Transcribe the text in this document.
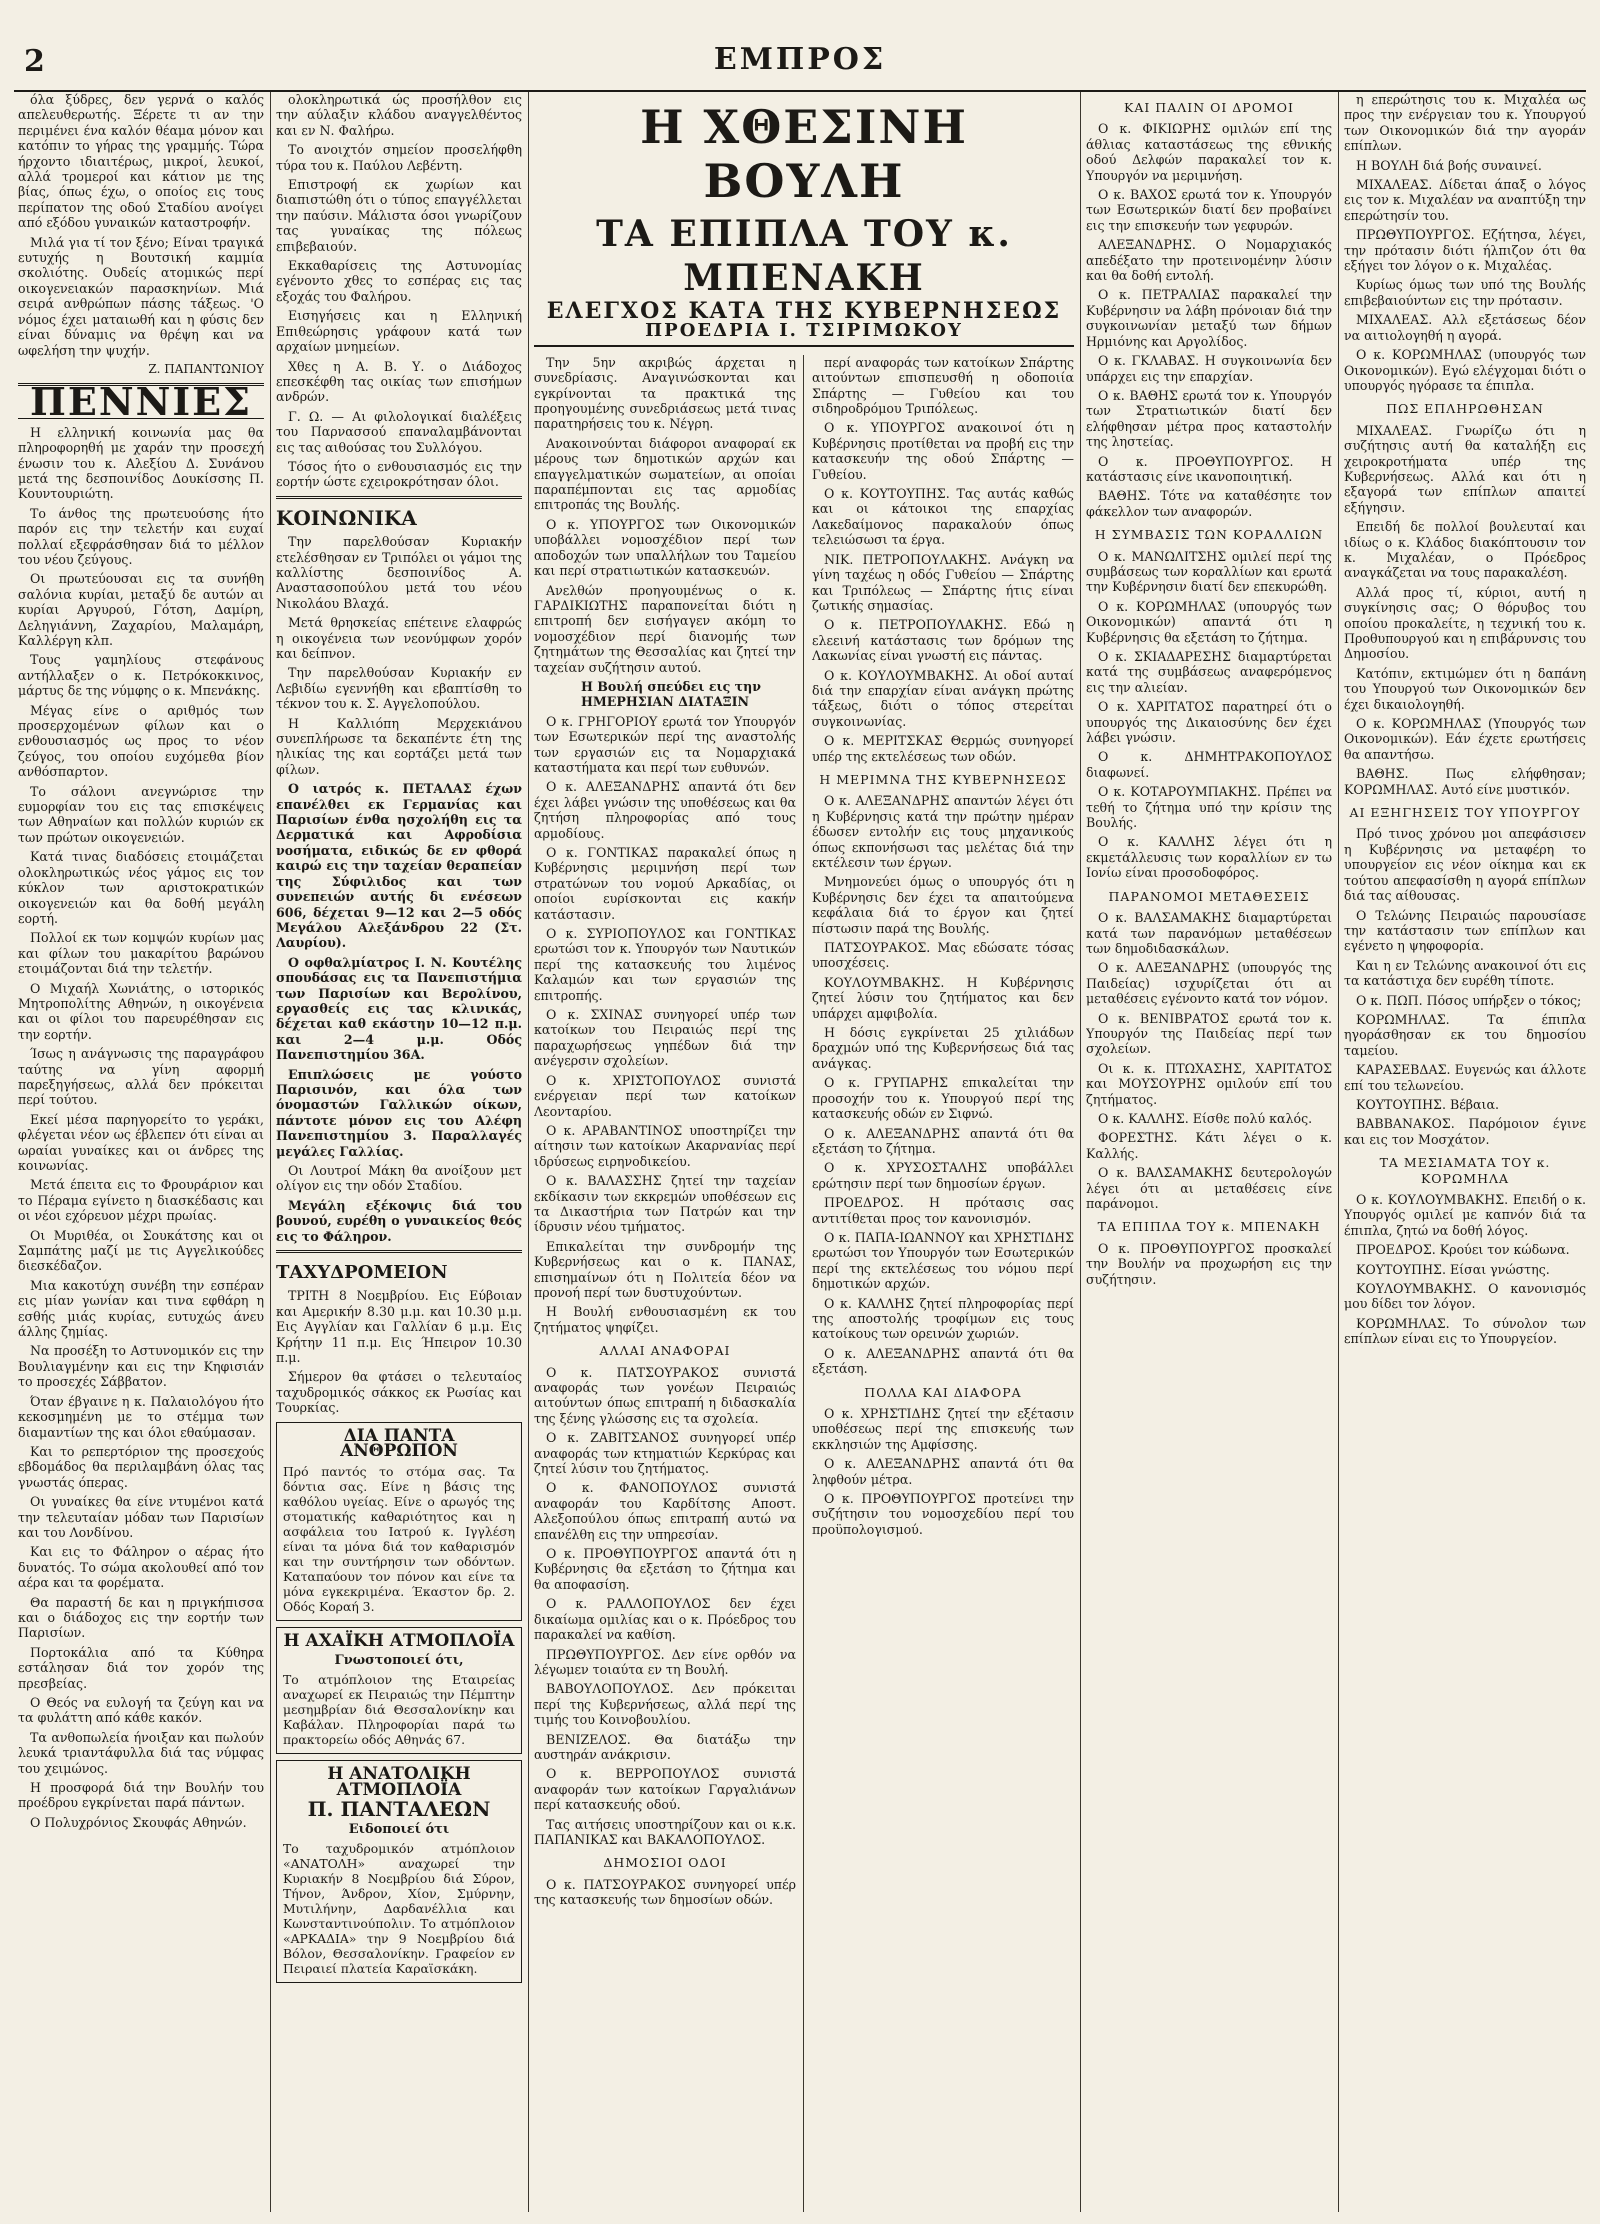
2	ΕΜΠΡΟΣ

όλα ξύδρες, δεν γερνά ο καλός απελευθερωτής. Ξέρετε τι αν την περιμένει ένα καλόν θέαμα μόνον και κατόπιν το γήρας της γραμμής. Τώρα ήρχοντο ιδιαιτέρως, μικροί, λευκοί, αλλά τρομεροί και κάτιον με της βίας, όπως έχω, ο οποίος εις τους περίπατον της οδού Σταδίου ανοίγει από εξόδου γυναικών καταστροφήν.

Μιλά για τί τον ξένο; Είναι τραγικά ευτυχής η Βουτσική καμμία σκολιότης. Ουδείς ατομικώς περί οικογενειακών παρασκηνίων. Μιά σειρά ανθρώπων πάσης τάξεως. 'Ο νόμος έχει ματαιωθή και η φύσις δεν είναι δύναμις να θρέψη και να ωφελήση την ψυχήν.

Ζ. ΠΑΠΑΝΤΩΝΙΟΥ
ΠΕΝΝΙΕΣ

Η ελληνική κοινωνία μας θα πληροφορηθή με χαράν την προσεχή ένωσιν του κ. Αλεξίου Δ. Συνάνου μετά της δεσποινίδος Δουκίσσης Π. Κουντουριώτη.

Το άνθος της πρωτευούσης ήτο παρόν εις την τελετήν και ευχαί πολλαί εξεφράσθησαν διά το μέλλον του νέου ζεύγους.

Οι πρωτεύουσαι εις τα συνήθη σαλόνια κυρίαι, μεταξύ δε αυτών αι κυρίαι Αργυρού, Γότση, Δαμίρη, Δεληγιάννη, Ζαχαρίου, Μαλαμάρη, Καλλέργη κλπ.

Τους γαμηλίους στεφάνους αντήλλαξεν ο κ. Πετρόκοκκινος, μάρτυς δε της νύμφης ο κ. Μπενάκης.

Μέγας είνε ο αριθμός των προσερχομένων φίλων και ο ενθουσιασμός ως προς το νέον ζεύγος, του οποίου ευχόμεθα βίον ανθόσπαρτον.

Το σάλονι ανεγνώρισε την ευμορφίαν του εις τας επισκέψεις των Αθηναίων και πολλών κυριών εκ των πρώτων οικογενειών.

Κατά τινας διαδόσεις ετοιμάζεται ολοκληρωτικώς νέος γάμος εις τον κύκλον των αριστοκρατικών οικογενειών και θα δοθή μεγάλη εορτή.

Πολλοί εκ των κομψών κυρίων μας και φίλων του μακαρίτου βαρώνου ετοιμάζονται διά την τελετήν.

Ο Μιχαήλ Χωνιάτης, ο ιστορικός Μητροπολίτης Αθηνών, η οικογένεια και οι φίλοι του παρευρέθησαν εις την εορτήν.

Ίσως η ανάγνωσις της παραγράφου ταύτης να γίνη αφορμή παρεξηγήσεως, αλλά δεν πρόκειται περί τούτου.

Εκεί μέσα παρηγορείτο το γεράκι, φλέγεται νέον ως έβλεπεν ότι είναι αι ωραίαι γυναίκες και οι άνδρες της κοινωνίας.

Μετά έπειτα εις το Φρουράριον και το Πέραμα εγίνετο η διασκέδασις και οι νέοι εχόρευον μέχρι πρωίας.

Οι Μυριθέα, οι Σουκάτσης και οι Σαμπάτης μαζί με τις Αγγελικούδες διεσκέδαζον.

Μια κακοτύχη συνέβη την εσπέραν εις μίαν γωνίαν και τινα εφθάρη η εσθής μιάς κυρίας, ευτυχώς άνευ άλλης ζημίας.

Να προσέξη το Αστυνομικόν εις την Βουλιαγμένην και εις την Κηφισιάν το προσεχές Σάββατον.

Όταν έβγαινε η κ. Παλαιολόγου ήτο κεκοσμημένη με το στέμμα των διαμαντίων της και όλοι εθαύμασαν.

Και το ρεπερτόριον της προσεχούς εβδομάδος θα περιλαμβάνη όλας τας γνωστάς όπερας.

Οι γυναίκες θα είνε ντυμένοι κατά την τελευταίαν μόδαν των Παρισίων και του Λονδίνου.

Και εις το Φάληρον ο αέρας ήτο δυνατός. Το σώμα ακολουθεί από τον αέρα και τα φορέματα.

Θα παραστή δε και η πριγκήπισσα και ο διάδοχος εις την εορτήν των Παρισίων.

Πορτοκάλια από τα Κύθηρα εστάλησαν διά τον χορόν της πρεσβείας.

Ο Θεός να ευλογή τα ζεύγη και να τα φυλάττη από κάθε κακόν.

Τα ανθοπωλεία ήνοιξαν και πωλούν λευκά τριαντάφυλλα διά τας νύμφας του χειμώνος.

Η προσφορά διά την Βουλήν του προέδρου εγκρίνεται παρά πάντων.

Ο Πολυχρόνιος Σκουφάς Αθηνών.

ολοκληρωτικά ώς προσήλθον εις την αύλαξιν κλάδου αναγγελθέντος και εν Ν. Φαλήρω.

Το ανοιχτόν σημείον προσελήφθη τύρα του κ. Παύλου Λεβέντη.

Επιστροφή εκ χωρίων και διαπιστώθη ότι ο τύπος επαγγέλλεται την παύσιν. Μάλιστα όσοι γνωρίζουν τας γυναίκας της πόλεως επιβεβαιούν.

Εκκαθαρίσεις της Αστυνομίας εγένοντο χθες το εσπέρας εις τας εξοχάς του Φαλήρου.

Εισηγήσεις και η Ελληνική Επιθεώρησις γράφουν κατά των αρχαίων μνημείων.

Χθες η Α. Β. Υ. ο Διάδοχος επεσκέφθη τας οικίας των επισήμων ανδρών.

Γ. Ω. — Αι φιλολογικαί διαλέξεις του Παρνασσού επαναλαμβάνονται εις τας αιθούσας του Συλλόγου.

Τόσος ήτο ο ενθουσιασμός εις την εορτήν ώστε εχειροκρότησαν όλοι.

ΚΟΙΝΩΝΙΚΑ

Την παρελθούσαν Κυριακήν ετελέσθησαν εν Τριπόλει οι γάμοι της καλλίστης δεσποινίδος Α. Αναστασοπούλου μετά του νέου Νικολάου Βλαχά.

Μετά θρησκείας επέτεινε ελαφρώς η οικογένεια των νεονύμφων χορόν και δείπνον.

Την παρελθούσαν Κυριακήν εν Λεβιδίω εγεννήθη και εβαπτίσθη το τέκνον του κ. Σ. Αγγελοπούλου.

Η Καλλιόπη Μερχεκιάνου συνεπλήρωσε τα δεκαπέντε έτη της ηλικίας της και εορτάζει μετά των φίλων.

Ο ιατρός κ. ΠΕΤΑΛΑΣ έχων επανέλθει εκ Γερμανίας και Παρισίων ένθα ησχολήθη εις τα Δερματικά και Αφροδίσια νοσήματα, ειδικώς δε εν φθορά καιρώ εις την ταχείαν θεραπείαν της Σύφιλιδος και των συνεπειών αυτής δι ενέσεων 606, δέχεται 9—12 και 2—5 οδός Μεγάλου Αλεξάνδρου 22 (Στ. Λαυρίου).

Ο οφθαλμίατρος Ι. Ν. Κουτέλης σπουδάσας εις τα Πανεπιστήμια των Παρισίων και Βερολίνου, εργασθείς εις τας κλινικάς, δέχεται καθ εκάστην 10—12 π.μ. και 2—4 μ.μ. Οδός Πανεπιστημίου 36Α.

Επιπλώσεις με γούστο Παρισινόν, και όλα των όνομαστών Γαλλικών οίκων, πάντοτε μόνον εις του Αλέφη Πανεπιστημίου 3. Παραλλαγές μεγάλες Γαλλίας.

Οι Λουτροί Μάκη θα ανοίξουν μετ ολίγον εις την οδόν Σταδίου.

Μεγάλη εξέκοψις διά του βουνού, ευρέθη ο γυναικείος θεός εις το Φάληρον.

ΤΑΧΥΔΡΟΜΕΙΟΝ

ΤΡΙΤΗ 8 Νοεμβρίου. Εις Εύβοιαν και Αμερικήν 8.30 μ.μ. και 10.30 μ.μ. Εις Αγγλίαν και Γαλλίαν 6 μ.μ. Εις Κρήτην 11 π.μ. Εις Ήπειρον 10.30 π.μ.

Σήμερον θα φτάσει ο τελευταίος ταχυδρομικός σάκκος εκ Ρωσίας και Τουρκίας.

ΔΙΑ ΠΑΝΤΑ ΑΝΘΡΩΠΟΝ
Πρό παντός το στόμα σας. Τα δόντια σας. Είνε η βάσις της καθόλου υγείας. Είνε ο αρωγός της στοματικής καθαριότητος και η ασφάλεια του Ιατρού κ. Ιγγλέση είναι τα μόνα διά τον καθαρισμόν και την συντήρησιν των οδόντων. Καταπαύουν τον πόνον και είνε τα μόνα εγκεκριμένα. Έκαστον δρ. 2. Οδός Κοραή 3.
Η ΑΧΑΪΚΗ ΑΤΜΟΠΛΟΪΑ
Γνωστοποιεί ότι,
Το ατμόπλοιον της Εταιρείας αναχωρεί εκ Πειραιώς την Πέμπτην μεσημβρίαν διά Θεσσαλονίκην και Καβάλαν. Πληροφορίαι παρά τω πρακτορείω οδός Αθηνάς 67.
Η ΑΝΑΤΟΛΙΚΗ ΑΤΜΟΠΛΟΪΑ
Π. ΠΑΝΤΑΛΕΩΝ
Ειδοποιεί ότι
Το ταχυδρομικόν ατμόπλοιον «ΑΝΑΤΟΛΗ» αναχωρεί την Κυριακήν 8 Νοεμβρίου διά Σύρον, Τήνον, Άνδρον, Χίον, Σμύρνην, Μυτιλήνην, Δαρδανέλλια και Κωνσταντινούπολιν. Το ατμόπλοιον «ΑΡΚΑΔΙΑ» την 9 Νοεμβρίου διά Βόλον, Θεσσαλονίκην. Γραφείον εν Πειραιεί πλατεία Καραϊσκάκη.
Η ΧΘΕΣΙΝΗ ΒΟΥΛΗ
ΤΑ ΕΠΙΠΛΑ ΤΟΥ κ. ΜΠΕΝΑΚΗ
ΕΛΕΓΧΟΣ ΚΑΤΑ ΤΗΣ ΚΥΒΕΡΝΗΣΕΩΣ
ΠΡΟΕΔΡΙΑ Ι. ΤΣΙΡΙΜΩΚΟΥ

Την 5ην ακριβώς άρχεται η συνεδρίασις. Αναγινώσκονται και εγκρίνονται τα πρακτικά της προηγουμένης συνεδριάσεως μετά τινας παρατηρήσεις του κ. Νέγρη.

Ανακοινούνται διάφοροι αναφοραί εκ μέρους των δημοτικών αρχών και επαγγελματικών σωματείων, αι οποίαι παραπέμπονται εις τας αρμοδίας επιτροπάς της Βουλής.

Ο κ. ΥΠΟΥΡΓΟΣ των Οικονομικών υποβάλλει νομοσχέδιον περί των αποδοχών των υπαλλήλων του Ταμείου και περί στρατιωτικών κατασκευών.

Ανελθών προηγουμένως ο κ. ΓΑΡΔΙΚΙΩΤΗΣ παραπονείται διότι η επιτροπή δεν εισήγαγεν ακόμη το νομοσχέδιον περί διανομής των ζητημάτων της Θεσσαλίας και ζητεί την ταχείαν συζήτησιν αυτού.

Η Βουλή σπεύδει εις την ΗΜΕΡΗΣΙΑΝ ΔΙΑΤΑΞΙΝ

Ο κ. ΓΡΗΓΟΡΙΟΥ ερωτά τον Υπουργόν των Εσωτερικών περί της αναστολής των εργασιών εις τα Νομαρχιακά καταστήματα και περί των ευθυνών.

Ο κ. ΑΛΕΞΑΝΔΡΗΣ απαντά ότι δεν έχει λάβει γνώσιν της υποθέσεως και θα ζητήση πληροφορίας από τους αρμοδίους.

Ο κ. ΓΟΝΤΙΚΑΣ παρακαλεί όπως η Κυβέρνησις μεριμνήση περί των στρατώνων του νομού Αρκαδίας, οι οποίοι ευρίσκονται εις κακήν κατάστασιν.

Ο κ. ΣΥΡΙΟΠΟΥΛΟΣ και ΓΟΝΤΙΚΑΣ ερωτώσι τον κ. Υπουργόν των Ναυτικών περί της κατασκευής του λιμένος Καλαμών και των εργασιών της επιτροπής.

Ο κ. ΣΧΙΝΑΣ συνηγορεί υπέρ των κατοίκων του Πειραιώς περί της παραχωρήσεως γηπέδων διά την ανέγερσιν σχολείων.

Ο κ. ΧΡΙΣΤΟΠΟΥΛΟΣ συνιστά ενέργειαν περί των κατοίκων Λεονταρίου.

Ο κ. ΑΡΑΒΑΝΤΙΝΟΣ υποστηρίζει την αίτησιν των κατοίκων Ακαρνανίας περί ιδρύσεως ειρηνοδικείου.

Ο κ. ΒΑΛΑΣΣΗΣ ζητεί την ταχείαν εκδίκασιν των εκκρεμών υποθέσεων εις τα Δικαστήρια των Πατρών και την ίδρυσιν νέου τμήματος.

Επικαλείται την συνδρομήν της Κυβερνήσεως και ο κ. ΠΑΝΑΣ, επισημαίνων ότι η Πολιτεία δέον να προνοή περί των δυστυχούντων.

Η Βουλή ενθουσιασμένη εκ του ζητήματος ψηφίζει.

ΑΛΛΑΙ ΑΝΑΦΟΡΑΙ

Ο κ. ΠΑΤΣΟΥΡΑΚΟΣ συνιστά αναφοράς των γονέων Πειραιώς αιτούντων όπως επιτραπή η διδασκαλία της ξένης γλώσσης εις τα σχολεία.

Ο κ. ΖΑΒΙΤΣΑΝΟΣ συνηγορεί υπέρ αναφοράς των κτηματιών Κερκύρας και ζητεί λύσιν του ζητήματος.

Ο κ. ΦΑΝΟΠΟΥΛΟΣ συνιστά αναφοράν του Καρδίτσης Αποστ. Αλεξοπούλου όπως επιτραπή αυτώ να επανέλθη εις την υπηρεσίαν.

Ο κ. ΠΡΟΘΥΠΟΥΡΓΟΣ απαντά ότι η Κυβέρνησις θα εξετάση το ζήτημα και θα αποφασίση.

Ο κ. ΡΑΛΛΟΠΟΥΛΟΣ δεν έχει δικαίωμα ομιλίας και ο κ. Πρόεδρος του παρακαλεί να καθίση.

ΠΡΩΘΥΠΟΥΡΓΟΣ. Δεν είνε ορθόν να λέγωμεν τοιαύτα εν τη Βουλή.

ΒΑΒΟΥΛΟΠΟΥΛΟΣ. Δεν πρόκειται περί της Κυβερνήσεως, αλλά περί της τιμής του Κοινοβουλίου.

ΒΕΝΙΖΕΛΟΣ. Θα διατάξω την αυστηράν ανάκρισιν.

Ο κ. ΒΕΡΡΟΠΟΥΛΟΣ συνιστά αναφοράν των κατοίκων Γαργαλιάνων περί κατασκευής οδού.

Τας αιτήσεις υποστηρίζουν και οι κ.κ. ΠΑΠΑΝΙΚΑΣ και ΒΑΚΑΛΟΠΟΥΛΟΣ.

ΔΗΜΟΣΙΟΙ ΟΔΟΙ

Ο κ. ΠΑΤΣΟΥΡΑΚΟΣ συνηγορεί υπέρ της κατασκευής των δημοσίων οδών.

περί αναφοράς των κατοίκων Σπάρτης αιτούντων επισπευσθή η οδοποιία Σπάρτης — Γυθείου και του σιδηροδρόμου Τριπόλεως.

Ο κ. ΥΠΟΥΡΓΟΣ ανακοινοί ότι η Κυβέρνησις προτίθεται να προβή εις την κατασκευήν της οδού Σπάρτης — Γυθείου.

Ο κ. ΚΟΥΤΟΥΠΗΣ. Τας αυτάς καθώς και οι κάτοικοι της επαρχίας Λακεδαίμονος παρακαλούν όπως τελειώσωσι τα έργα.

ΝΙΚ. ΠΕΤΡΟΠΟΥΛΑΚΗΣ. Ανάγκη να γίνη ταχέως η οδός Γυθείου — Σπάρτης και Τριπόλεως — Σπάρτης ήτις είναι ζωτικής σημασίας.

Ο κ. ΠΕΤΡΟΠΟΥΛΑΚΗΣ. Εδώ η ελεεινή κατάστασις των δρόμων της Λακωνίας είναι γνωστή εις πάντας.

Ο κ. ΚΟΥΛΟΥΜΒΑΚΗΣ. Αι οδοί αυταί διά την επαρχίαν είναι ανάγκη πρώτης τάξεως, διότι ο τόπος στερείται συγκοινωνίας.

Ο κ. ΜΕΡΙΤΣΚΑΣ Θερμώς συνηγορεί υπέρ της εκτελέσεως των οδών.

Η ΜΕΡΙΜΝΑ ΤΗΣ ΚΥΒΕΡΝΗΣΕΩΣ

Ο κ. ΑΛΕΞΑΝΔΡΗΣ απαντών λέγει ότι η Κυβέρνησις κατά την πρώτην ημέραν έδωσεν εντολήν εις τους μηχανικούς όπως εκπονήσωσι τας μελέτας διά την εκτέλεσιν των έργων.

Μνημονεύει όμως ο υπουργός ότι η Κυβέρνησις δεν έχει τα απαιτούμενα κεφάλαια διά το έργον και ζητεί πίστωσιν παρά της Βουλής.

ΠΑΤΣΟΥΡΑΚΟΣ. Μας εδώσατε τόσας υποσχέσεις.

ΚΟΥΛΟΥΜΒΑΚΗΣ. Η Κυβέρνησις ζητεί λύσιν του ζητήματος και δεν υπάρχει αμφιβολία.

Η δόσις εγκρίνεται 25 χιλιάδων δραχμών υπό της Κυβερνήσεως διά τας ανάγκας.

Ο κ. ΓΡΥΠΑΡΗΣ επικαλείται την προσοχήν του κ. Υπουργού περί της κατασκευής οδών εν Σιφνώ.

Ο κ. ΑΛΕΞΑΝΔΡΗΣ απαντά ότι θα εξετάση το ζήτημα.

Ο κ. ΧΡΥΣΟΣΤΑΛΗΣ υποβάλλει ερώτησιν περί των δημοσίων έργων.

ΠΡΟΕΔΡΟΣ. Η πρότασις σας αντιτίθεται προς τον κανονισμόν.

Ο κ. ΠΑΠΑ-ΙΩΑΝΝΟΥ και ΧΡΗΣΤΙΔΗΣ ερωτώσι τον Υπουργόν των Εσωτερικών περί της εκτελέσεως του νόμου περί δημοτικών αρχών.

Ο κ. ΚΑΛΛΗΣ ζητεί πληροφορίας περί της αποστολής τροφίμων εις τους κατοίκους των ορεινών χωριών.

Ο κ. ΑΛΕΞΑΝΔΡΗΣ απαντά ότι θα εξετάση.

ΠΟΛΛΑ ΚΑΙ ΔΙΑΦΟΡΑ

Ο κ. ΧΡΗΣΤΙΔΗΣ ζητεί την εξέτασιν υποθέσεως περί της επισκευής των εκκλησιών της Αμφίσσης.

Ο κ. ΑΛΕΞΑΝΔΡΗΣ απαντά ότι θα ληφθούν μέτρα.

Ο κ. ΠΡΟΘΥΠΟΥΡΓΟΣ προτείνει την συζήτησιν του νομοσχεδίου περί του προϋπολογισμού.

ΚΑΙ ΠΑΛΙΝ ΟΙ ΔΡΟΜΟΙ

Ο κ. ΦΙΚΙΩΡΗΣ ομιλών επί της άθλιας καταστάσεως της εθνικής οδού Δελφών παρακαλεί τον κ. Υπουργόν να μεριμνήση.

Ο κ. ΒΑΧΟΣ ερωτά τον κ. Υπουργόν των Εσωτερικών διατί δεν προβαίνει εις την επισκευήν των γεφυρών.

ΑΛΕΞΑΝΔΡΗΣ. Ο Νομαρχιακός απεδέξατο την προτεινομένην λύσιν και θα δοθή εντολή.

Ο κ. ΠΕΤΡΑΛΙΑΣ παρακαλεί την Κυβέρνησιν να λάβη πρόνοιαν διά την συγκοινωνίαν μεταξύ των δήμων Ηρμιόνης και Αργολίδος.

Ο κ. ΓΚΛΑΒΑΣ. Η συγκοινωνία δεν υπάρχει εις την επαρχίαν.

Ο κ. ΒΑΘΗΣ ερωτά τον κ. Υπουργόν των Στρατιωτικών διατί δεν ελήφθησαν μέτρα προς καταστολήν της ληστείας.

Ο κ. ΠΡΟΘΥΠΟΥΡΓΟΣ. Η κατάστασις είνε ικανοποιητική.

ΒΑΘΗΣ. Τότε να καταθέσητε τον φάκελλον των αναφορών.

Η ΣΥΜΒΑΣΙΣ ΤΩΝ ΚΟΡΑΛΛΙΩΝ

Ο κ. ΜΑΝΩΛΙΤΣΗΣ ομιλεί περί της συμβάσεως των κοραλλίων και ερωτά την Κυβέρνησιν διατί δεν επεκυρώθη.

Ο κ. ΚΟΡΩΜΗΛΑΣ (υπουργός των Οικονομικών) απαντά ότι η Κυβέρνησις θα εξετάση το ζήτημα.

Ο κ. ΣΚΙΑΔΑΡΕΣΗΣ διαμαρτύρεται κατά της συμβάσεως αναφερόμενος εις την αλιείαν.

Ο κ. ΧΑΡΙΤΑΤΟΣ παρατηρεί ότι ο υπουργός της Δικαιοσύνης δεν έχει λάβει γνώσιν.

Ο κ. ΔΗΜΗΤΡΑΚΟΠΟΥΛΟΣ διαφωνεί.

Ο κ. ΚΟΤΑΡΟΥΜΠΑΚΗΣ. Πρέπει να τεθή το ζήτημα υπό την κρίσιν της Βουλής.

Ο κ. ΚΑΛΛΗΣ λέγει ότι η εκμετάλλευσις των κοραλλίων εν τω Ιονίω είναι προσοδοφόρος.

ΠΑΡΑΝΟΜΟΙ ΜΕΤΑΘΕΣΕΙΣ

Ο κ. ΒΑΛΣΑΜΑΚΗΣ διαμαρτύρεται κατά των παρανόμων μεταθέσεων των δημοδιδασκάλων.

Ο κ. ΑΛΕΞΑΝΔΡΗΣ (υπουργός της Παιδείας) ισχυρίζεται ότι αι μεταθέσεις εγένοντο κατά τον νόμον.

Ο κ. ΒΕΝΙΒΡΑΤΟΣ ερωτά τον κ. Υπουργόν της Παιδείας περί των σχολείων.

Οι κ. κ. ΠΤΩΧΑΣΗΣ, ΧΑΡΙΤΑΤΟΣ και ΜΟΥΣΟΥΡΗΣ ομιλούν επί του ζητήματος.

Ο κ. ΚΑΛΛΗΣ. Είσθε πολύ καλός.

ΦΟΡΕΣΤΗΣ. Κάτι λέγει ο κ. Καλλής.

Ο κ. ΒΑΛΣΑΜΑΚΗΣ δευτερολογών λέγει ότι αι μεταθέσεις είνε παράνομοι.

ΤΑ ΕΠΙΠΛΑ ΤΟΥ κ. ΜΠΕΝΑΚΗ

Ο κ. ΠΡΟΘΥΠΟΥΡΓΟΣ προσκαλεί την Βουλήν να προχωρήση εις την συζήτησιν.

η επερώτησις του κ. Μιχαλέα ως προς την ενέργειαν του κ. Υπουργού των Οικονομικών διά την αγοράν επίπλων.

Η ΒΟΥΛΗ διά βοής συναινεί.

ΜΙΧΑΛΕΑΣ. Δίδεται άπαξ ο λόγος εις τον κ. Μιχαλέαν να αναπτύξη την επερώτησίν του.

ΠΡΩΘΥΠΟΥΡΓΟΣ. Εζήτησα, λέγει, την πρότασιν διότι ήλπιζον ότι θα εξήγει τον λόγον ο κ. Μιχαλέας.

Κυρίως όμως των υπό της Βουλής επιβεβαιούντων εις την πρότασιν.

ΜΙΧΑΛΕΑΣ. Αλλ εξετάσεως δέον να αιτιολογηθή η αγορά.

Ο κ. ΚΟΡΩΜΗΛΑΣ (υπουργός των Οικονομικών). Εγώ ελέγχομαι διότι ο υπουργός ηγόρασε τα έπιπλα.

ΠΩΣ ΕΠΛΗΡΩΘΗΣΑΝ

ΜΙΧΑΛΕΑΣ. Γνωρίζω ότι η συζήτησις αυτή θα καταλήξη εις χειροκροτήματα υπέρ της Κυβερνήσεως. Αλλά και ότι η εξαγορά των επίπλων απαιτεί εξήγησιν.

Επειδή δε πολλοί βουλευταί και ιδίως ο κ. Κλάδος διακόπτουσιν τον κ. Μιχαλέαν, ο Πρόεδρος αναγκάζεται να τους παρακαλέση.

Αλλά προς τί, κύριοι, αυτή η συγκίνησις σας; Ο θόρυβος του οποίου προκαλείτε, η τεχνική του κ. Προθυπουργού και η επιβάρυνσις του Δημοσίου.

Κατόπιν, εκτιμώμεν ότι η δαπάνη του Υπουργού των Οικονομικών δεν έχει δικαιολογηθή.

Ο κ. ΚΟΡΩΜΗΛΑΣ (Υπουργός των Οικονομικών). Εάν έχετε ερωτήσεις θα απαντήσω.

ΒΑΘΗΣ. Πως ελήφθησαν; ΚΟΡΩΜΗΛΑΣ. Αυτό είνε μυστικόν.

ΑΙ ΕΞΗΓΗΣΕΙΣ ΤΟΥ ΥΠΟΥΡΓΟΥ

Πρό τινος χρόνου μοι απεφάσισεν η Κυβέρνησις να μεταφέρη το υπουργείον εις νέον οίκημα και εκ τούτου απεφασίσθη η αγορά επίπλων διά τας αίθουσας.

Ο Τελώνης Πειραιώς παρουσίασε την κατάστασιν των επίπλων και εγένετο η ψηφοφορία.

Και η εν Τελώνης ανακοινοί ότι εις τα κατάστιχα δεν ευρέθη τίποτε.

Ο κ. ΠΩΠ. Πόσος υπήρξεν ο τόκος;

ΚΟΡΩΜΗΛΑΣ. Τα έπιπλα ηγοράσθησαν εκ του δημοσίου ταμείου.

ΚΑΡΑΣΕΒΔΑΣ. Ευγενώς και άλλοτε επί του τελωνείου.

ΚΟΥΤΟΥΠΗΣ. Βέβαια.

ΒΑΒΒΑΝΑΚΟΣ. Παρόμοιον έγινε και εις τον Μοσχάτον.

ΤΑ ΜΕΣΙΑΜΑΤΑ ΤΟΥ κ. ΚΟΡΩΜΗΛΑ

Ο κ. ΚΟΥΛΟΥΜΒΑΚΗΣ. Επειδή ο κ. Υπουργός ομιλεί με καπνόν διά τα έπιπλα, ζητώ να δοθή λόγος.

ΠΡΟΕΔΡΟΣ. Κρούει τον κώδωνα.

ΚΟΥΤΟΥΠΗΣ. Είσαι γνώστης.

ΚΟΥΛΟΥΜΒΑΚΗΣ. Ο κανονισμός μου δίδει τον λόγον.

ΚΟΡΩΜΗΛΑΣ. Το σύνολον των επίπλων είναι εις το Υπουργείον.
